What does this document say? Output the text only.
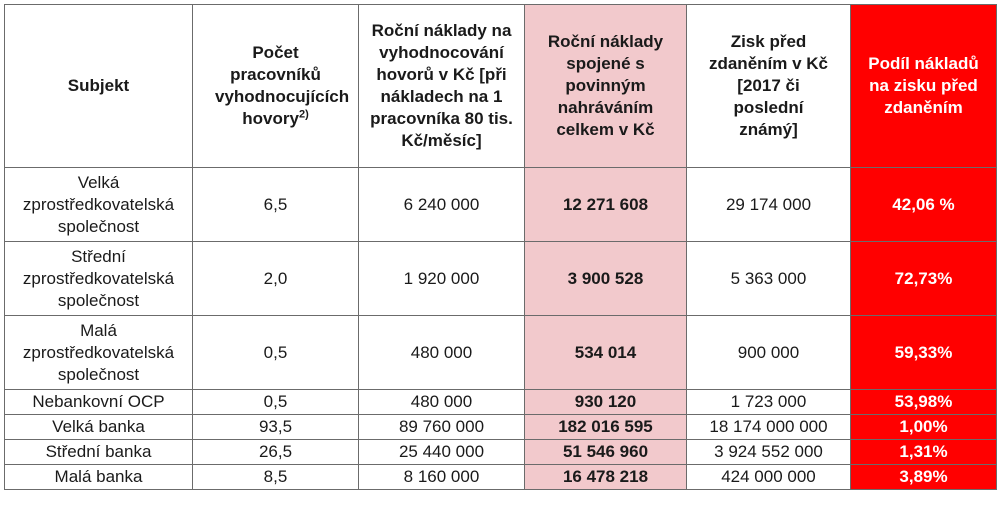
Subjekt	Počet pracovníků vyhodnocujících hovory$^{2)}$	Roční náklady na vyhodnocování hovorů v Kč [při nákladech na 1 pracovníka 80 tis. Kč/měsíc]	Roční náklady spojené s povinným nahráváním celkem v Kč	Zisk před zdaněním v Kč [2017 či poslední známý]	Podíl nákladů na zisku před zdaněním
Velká zprostředkovatelská společnost	6,5	6 240 000	12 271 608	29 174 000	42,06 %
Střední zprostředkovatelská společnost	2,0	1 920 000	3 900 528	5 363 000	72,73%
Malá zprostředkovatelská společnost	0,5	480 000	534 014	900 000	59,33%
Nebankovní OCP	0,5	480 000	930 120	1 723 000	53,98%
Velká banka	93,5	89 760 000	182 016 595	18 174 000 000	1,00%
Střední banka	26,5	25 440 000	51 546 960	3 924 552 000	1,31%
Malá banka	8,5	8 160 000	16 478 218	424 000 000	3,89%
